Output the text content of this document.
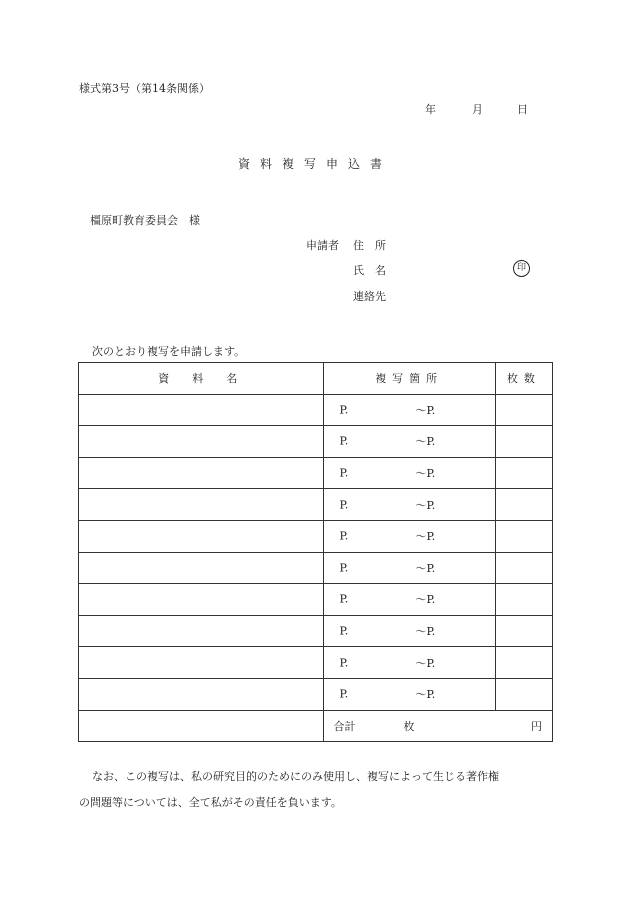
様式第3号（第14条関係）
年	月	日
資料複写申込書
橿原町教育委員会　様
申請者 住　所
氏　名	印
連絡先
次のとおり複写を申請します。
資　料　名	複写箇所	枚数

	P. 〜P.	

	P. 〜P.	

	P. 〜P.	

	P. 〜P.	

	P. 〜P.	

	P. 〜P.	

	P. 〜P.	

	P. 〜P.	

	P. 〜P.	

	P. 〜P.	

	合計 枚 円	
なお、この複写は、私の研究目的のためにのみ使用し、複写によって生じる著作権
の問題等については、全て私がその責任を負います。
